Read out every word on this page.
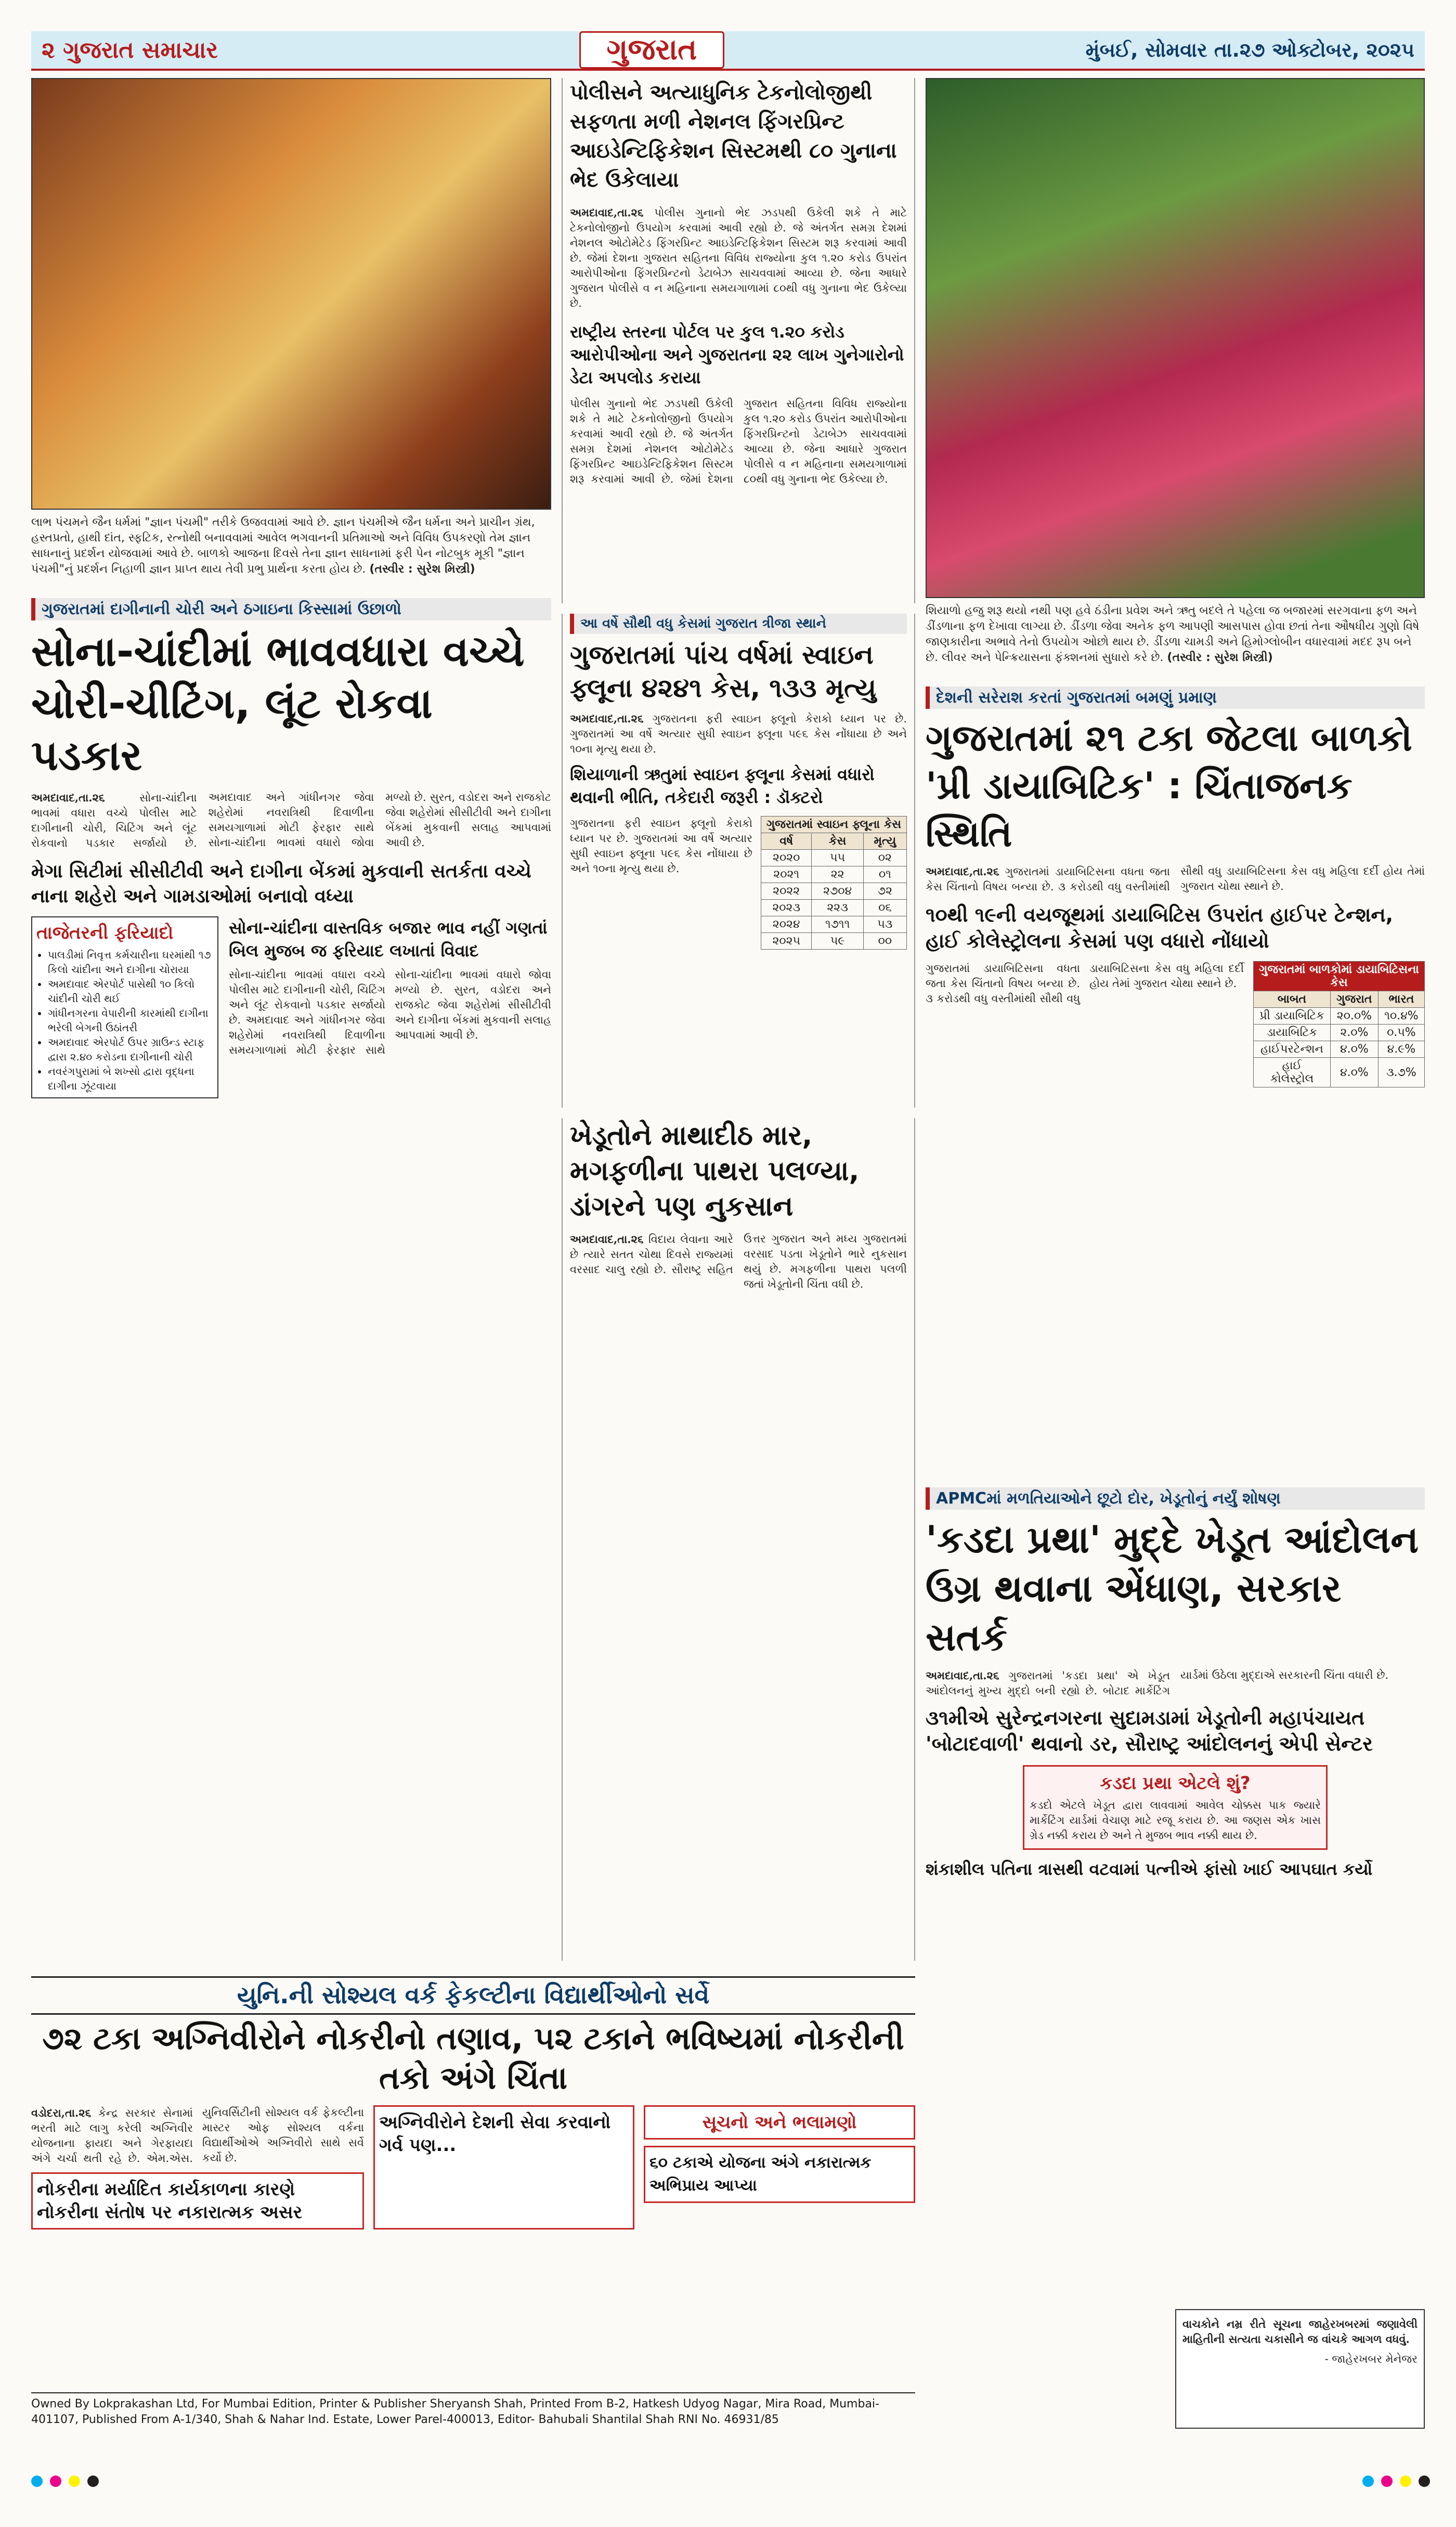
૨ ગુજરાત સમાચાર	ગુજરાત	મુંબઈ, સોમવાર તા.૨૭ ઓક્ટોબર, ૨૦૨૫
લાભ પંચમને જૈન ધર્મમાં "જ્ઞાન પંચમી" તરીકે ઉજવવામાં આવે છે. જ્ઞાન પંચમીએ જૈન ધર્મના અને પ્રાચીન ગ્રંથ, હસ્તપ્રતો, હાથી દાંત, સ્ફટિક, રત્નોથી બનાવવામાં આવેલ ભગવાનની પ્રતિમાઓ અને વિવિધ ઉપકરણો તેમ જ્ઞાન સાધનાનું પ્રદર્શન યોજવામાં આવે છે. બાળકો આજના દિવસે તેના જ્ઞાન સાધનામાં ફરી પેન નોટબુક મૂકી "જ્ઞાન પંચમી"નું પ્રદર્શન નિહાળી જ્ઞાન પ્રાપ્ત થાય તેવી પ્રભુ પ્રાર્થના કરતા હોય છે. (તસ્વીર : સુરેશ મિસ્ત્રી)
પોલીસને અત્યાધુનિક ટેકનોલોજીથી સફળતા મળી નેશનલ ફિંગરપ્રિન્ટ આઇડેન્ટિફિકેશન સિસ્ટમથી ૮૦ ગુનાના ભેદ ઉકેલાયા
અમદાવાદ,તા.૨૬ પોલીસ ગુનાનો ભેદ ઝડપથી ઉકેલી શકે તે માટે ટેકનોલોજીનો ઉપયોગ કરવામાં આવી રહ્યો છે. જે અંતર્ગત સમગ્ર દેશમાં નેશનલ ઓટોમેટેડ ફિંગરપ્રિન્ટ આઇડેન્ટિફિકેશન સિસ્ટમ શરૂ કરવામાં આવી છે. જેમાં દેશના ગુજરાત સહિતના વિવિધ રાજ્યોના કુલ ૧.૨૦ કરોડ ઉપરાંત આરોપીઓના ફિંગરપ્રિન્ટનો ડેટાબેઝ સાચવવામાં આવ્યા છે. જેના આધારે ગુજરાત પોલીસે વ ન મહિનાના સમયગાળામાં ૮૦થી વધુ ગુનાના ભેદ ઉકેલ્યા છે.
રાષ્ટ્રીય સ્તરના પોર્ટલ પર કુલ ૧.૨૦ કરોડ આરોપીઓના અને ગુજરાતના ૨૨ લાખ ગુનેગારોનો ડેટા અપલોડ કરાયા
પોલીસ ગુનાનો ભેદ ઝડપથી ઉકેલી શકે તે માટે ટેકનોલોજીનો ઉપયોગ કરવામાં આવી રહ્યો છે. જે અંતર્ગત સમગ્ર દેશમાં નેશનલ ઓટોમેટેડ ફિંગરપ્રિન્ટ આઇડેન્ટિફિકેશન સિસ્ટમ શરૂ કરવામાં આવી છે. જેમાં દેશના ગુજરાત સહિતના વિવિધ રાજ્યોના કુલ ૧.૨૦ કરોડ ઉપરાંત આરોપીઓના ફિંગરપ્રિન્ટનો ડેટાબેઝ સાચવવામાં આવ્યા છે. જેના આધારે ગુજરાત પોલીસે વ ન મહિનાના સમયગાળામાં ૮૦થી વધુ ગુનાના ભેદ ઉકેલ્યા છે.
શિયાળો હજુ શરૂ થયો નથી પણ હવે ઠંડીના પ્રવેશ અને ઋતુ બદલે તે પહેલા જ બજારમાં સરગવાના ફળ અને ડીંડળાના ફળ દેખાવા લાગ્યા છે. ડીંડળા જેવા અનેક ફળ આપણી આસપાસ હોવા છતાં તેના ઔષધીય ગુણો વિષે જાણકારીના અભાવે તેનો ઉપયોગ ઓછો થાય છે. ડીંડળા ચામડી અને હિમોગ્લોબીન વધારવામાં મદદ રૂપ બને છે. લીવર અને પેન્ક્રિયાસના ફંક્શનમાં સુધારો કરે છે. (તસ્વીર : સુરેશ મિસ્ત્રી)
ગુજરાતમાં દાગીનાની ચોરી અને ઠગાઇના કિસ્સામાં ઉછાળો
સોના-ચાંદીમાં ભાવવધારા વચ્ચે ચોરી-ચીટિંગ, લૂંટ રોકવા પડકાર
અમદાવાદ,તા.૨૬	સોના-ચાંદીના ભાવમાં વધારા વચ્ચે પોલીસ માટે દાગીનાની ચોરી, ચિટિંગ અને લૂંટ રોકવાનો પડકાર સર્જાયો છે. અમદાવાદ અને ગાંધીનગર જેવા શહેરોમાં નવરાત્રિથી દિવાળીના સમયગાળામાં મોટી ફેરફાર સાથે સોના-ચાંદીના ભાવમાં વધારો જોવા મળ્યો છે. સુરત, વડોદરા અને રાજકોટ જેવા શહેરોમાં સીસીટીવી અને દાગીના બેંકમાં મુકવાની સલાહ આપવામાં આવી છે.
મેગા સિટીમાં સીસીટીવી અને દાગીના બેંકમાં મુકવાની સતર્કતા વચ્ચે નાના શહેરો અને ગામડાઓમાં બનાવો વધ્યા
તાજેતરની ફરિયાદો
• પાલડીમાં નિવૃત્ત કર્મચારીના ઘરમાંથી ૧૭ કિલો ચાંદીના અને દાગીના ચોરાયા
• અમદાવાદ એરપોર્ટ પાસેથી ૧૦ કિલો ચાંદીની ચોરી થઈ
• ગાંધીનગરના વેપારીની કારમાંથી દાગીના ભરેલી બેગની ઉઠાંતરી
• અમદાવાદ એરપોર્ટ ઉપર ગ્રાઉન્ડ સ્ટાફ દ્વારા ૨.૪૦ કરોડના દાગીનાની ચોરી
• નવરંગપુરામાં બે શખ્સો દ્વારા વૃદ્ધના દાગીના ઝૂંટવાયા
સોના-ચાંદીના વાસ્તવિક બજાર ભાવ નહીં ગણતાં બિલ મુજબ જ ફરિયાદ લખાતાં વિવાદ
સોના-ચાંદીના ભાવમાં વધારા વચ્ચે પોલીસ માટે દાગીનાની ચોરી, ચિટિંગ અને લૂંટ રોકવાનો પડકાર સર્જાયો છે. અમદાવાદ અને ગાંધીનગર જેવા શહેરોમાં નવરાત્રિથી દિવાળીના સમયગાળામાં મોટી ફેરફાર સાથે સોના-ચાંદીના ભાવમાં વધારો જોવા મળ્યો છે. સુરત, વડોદરા અને રાજકોટ જેવા શહેરોમાં સીસીટીવી અને દાગીના બેંકમાં મુકવાની સલાહ આપવામાં આવી છે.
આ વર્ષે સૌથી વધુ કેસમાં ગુજરાત ત્રીજા સ્થાને
ગુજરાતમાં પાંચ વર્ષમાં સ્વાઇન ફ્લૂના ૪૨૪૧ કેસ, ૧૩૩ મૃત્યુ
અમદાવાદ,તા.૨૬ ગુજરાતના ફરી સ્વાઇન ફ્લૂનો કેરાકો ધ્યાન પર છે. ગુજરાતમાં આ વર્ષે અત્યાર સુધી સ્વાઇન ફ્લૂના ૫૯૬ કેસ નોંધાયા છે અને ૧૦ના મૃત્યુ થયા છે.
શિયાળાની ઋતુમાં સ્વાઇન ફ્લૂના કેસમાં વધારો થવાની ભીતિ, તકેદારી જરૂરી : ડૉક્ટરો
ગુજરાતના ફરી સ્વાઇન ફ્લૂનો કેરાકો ધ્યાન પર છે. ગુજરાતમાં આ વર્ષે અત્યાર સુધી સ્વાઇન ફ્લૂના ૫૯૬ કેસ નોંધાયા છે અને ૧૦ના મૃત્યુ થયા છે.
ગુજરાતમાં સ્વાઇન ફ્લૂના કેસ		
વર્ષ	કેસ	મૃત્યુ
૨૦૨૦	૫૫	૦૨
૨૦૨૧	૨૨	૦૧
૨૦૨૨	૨૭૦૪	૭૨
૨૦૨૩	૨૨૩	૦૬
૨૦૨૪	૧૭૧૧	૫૩
૨૦૨૫	૫૯	૦૦
દેશની સરેરાશ કરતાં ગુજરાતમાં બમણું પ્રમાણ
ગુજરાતમાં ૨૧ ટકા જેટલા બાળકો 'પ્રી ડાયાબિટિક' : ચિંતાજનક સ્થિતિ
અમદાવાદ,તા.૨૬ ગુજરાતમાં ડાયાબિટિસના વધતા જતા કેસ ચિંતાનો વિષય બન્યા છે. ૩ કરોડથી વધુ વસ્તીમાંથી સૌથી વધુ ડાયાબિટિસના કેસ વધુ મહિલા દર્દી હોય તેમાં ગુજરાત ચોથા સ્થાને છે.
૧૦થી ૧૯ની વયજૂથમાં ડાયાબિટિસ ઉપરાંત હાઈપર ટેન્શન, હાઈ કોલેસ્ટ્રોલના કેસમાં પણ વધારો નોંધાયો
ગુજરાતમાં ડાયાબિટિસના વધતા જતા કેસ ચિંતાનો વિષય બન્યા છે. ૩ કરોડથી વધુ વસ્તીમાંથી સૌથી વધુ ડાયાબિટિસના કેસ વધુ મહિલા દર્દી હોય તેમાં ગુજરાત ચોથા સ્થાને છે.
ગુજરાતમાં બાળકોમાં ડાયાબિટિસના કેસ		
બાબત	ગુજરાત	ભારત
પ્રી ડાયાબિટિક	૨૦.૦%	૧૦.૪%
ડાયાબિટિક	૨.૦%	૦.૫%
હાઈપરટેન્શન	૪.૦%	૪.૯%
હાઈ કોલેસ્ટ્રોલ	૪.૦%	૩.૭%
ખેડૂતોને માથાદીઠ માર, મગફળીના પાથરા પલળ્યા, ડાંગરને પણ નુકસાન
અમદાવાદ,તા.૨૬ વિદાય લેવાના આરે છે ત્યારે સતત ચોથા દિવસે રાજ્યમાં વરસાદ ચાલુ રહ્યો છે. સૌરાષ્ટ્ર સહિત ઉત્તર ગુજરાત અને મધ્ય ગુજરાતમાં વરસાદ પડતા ખેડૂતોને ભારે નુકસાન થયું છે. મગફળીના પાથરા પલળી જતાં ખેડૂતોની ચિંતા વધી છે.
APMCમાં મળતિયાઓને છૂટો દોર, ખેડૂતોનું નર્યું શોષણ
'કડદા પ્રથા' મુદ્દે ખેડૂત આંદોલન ઉગ્ર થવાના એંધાણ, સરકાર સતર્ક
અમદાવાદ,તા.૨૬ ગુજરાતમાં 'કડદા પ્રથા' એ ખેડૂત આંદોલનનું મુખ્ય મુદ્દો બની રહ્યો છે. બોટાદ માર્કેટિંગ યાર્ડમાં ઉઠેલા મુદ્દાએ સરકારની ચિંતા વધારી છે.
૩૧મીએ સુરેન્દ્રનગરના સુદામડામાં ખેડૂતોની મહાપંચાયત 'બોટાદવાળી' થવાનો ડર, સૌરાષ્ટ્ર આંદોલનનું એપી સેન્ટર
કડદા પ્રથા એટલે શું?
કડદો એટલે ખેડૂત દ્વારા લાવવામાં આવેલ ચોક્કસ પાક જ્યારે માર્કેટિંગ યાર્ડમાં વેચાણ માટે રજૂ કરાય છે. આ જણસ એક ખાસ ગ્રેડ નક્કી કરાય છે અને તે મુજબ ભાવ નક્કી થાય છે.
શંકાશીલ પતિના ત્રાસથી વટવામાં પત્નીએ ફાંસો ખાઈ આપઘાત કર્યો
યુનિ.ની સોશ્યલ વર્ક ફેકલ્ટીના વિદ્યાર્થીઓનો સર્વે
૭૨ ટકા અગ્નિવીરોને નોકરીનો તણાવ, ૫૨ ટકાને ભવિષ્યમાં નોકરીની તકો અંગે ચિંતા
વડોદરા,તા.૨૬ કેન્દ્ર સરકાર સેનામાં ભરતી માટે લાગુ કરેલી અગ્નિવીર યોજનાના ફાયદા અને ગેરફાયદા અંગે ચર્ચા થતી રહે છે. એમ.એસ. યુનિવર્સિટીની સોશ્યલ વર્ક ફેકલ્ટીના માસ્ટર ઓફ સોશ્યલ વર્કના વિદ્યાર્થીઓએ અગ્નિવીરો સાથે સર્વે કર્યો છે.
નોકરીના મર્યાદિત કાર્યકાળના કારણે નોકરીના સંતોષ પર નકારાત્મક અસર
અગ્નિવીરોને દેશની સેવા કરવાનો ગર્વ પણ...
સૂચનો અને ભલામણો
૬૦ ટકાએ યોજના અંગે નકારાત્મક અભિપ્રાય આપ્યા
વાચકોને નમ્ર રીતે સૂચના જાહેરખબરમાં જણાવેલી માહિતીની સત્યતા ચકાસીને જ વાંચકે આગળ વધવું.
- જાહેરખબર મેનેજર
Owned By Lokprakashan Ltd, For Mumbai Edition, Printer & Publisher Sheryansh Shah, Printed From B-2, Hatkesh Udyog Nagar, Mira Road, Mumbai- 401107, Published From A-1/340, Shah & Nahar Ind. Estate, Lower Parel-400013, Editor- Bahubali Shantilal Shah RNI No. 46931/85
